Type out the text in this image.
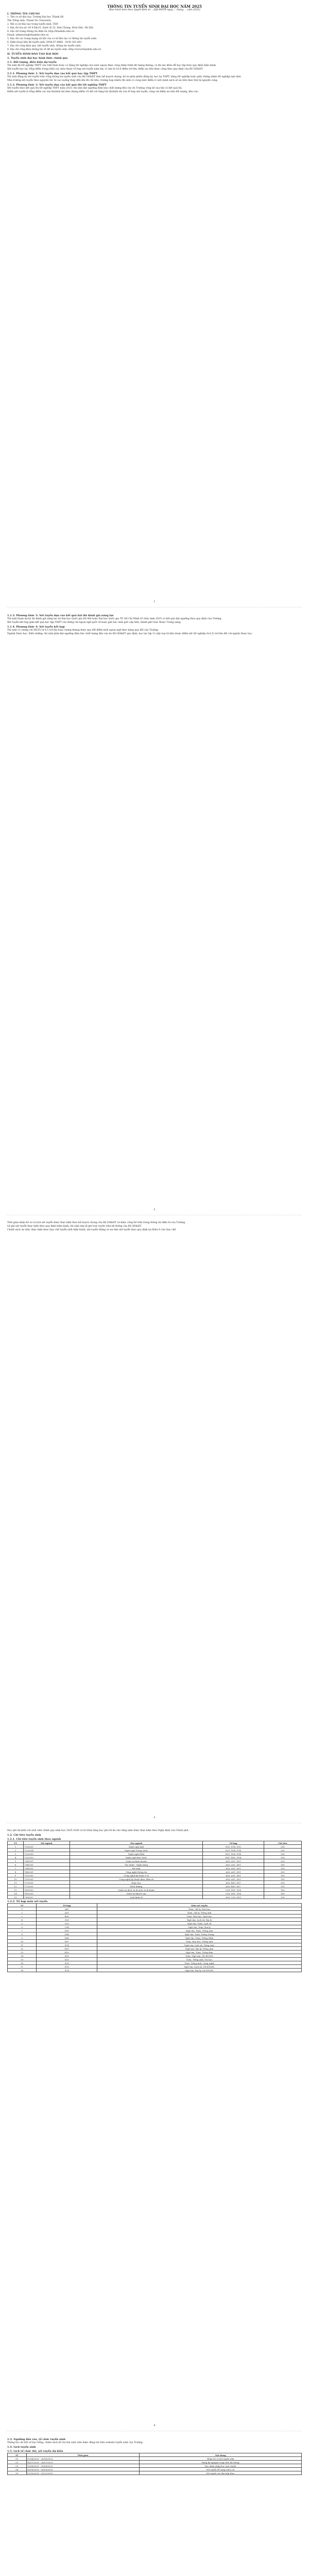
THÔNG TIN TUYỂN SINH ĐẠI HỌC NĂM 2025
(Ban hành kèm theo Quyết định số .../QĐ-ĐHTĐ ngày ... tháng ... năm 2025)
I. THÔNG TIN CHUNG

1. Tên cơ sở đào tạo: Trường Đại học Thành Đô

Tên Tiếng Anh: Thanh Do University

2. Mã cơ sở đào tạo trong tuyển sinh: TDD

3. Địa chỉ trụ sở: Số 8 Km15, Quốc lộ 32, Kim Chung, Hoài Đức, Hà Nội.

4. Địa chỉ trang thông tin điện tử: http://thanhdo.edu.vn

Email: admission@thanhdo.edu.vn

5. Địa chỉ các trang mạng xã hội của cơ sở đào tạo có thông tin tuyển sinh:

6. Điện thoại liên hệ tuyển sinh: 0936.67.8866 - 0243.361.661

7. Địa chỉ công khai quy chế tuyển sinh, thông tin tuyển sinh:

8. Địa chỉ công khai thông tin về đề án tuyển sinh: http://www.thanhdo.edu.vn

II. TUYỂN SINH ĐÀO TẠO ĐẠI HỌC
1. Tuyển sinh đại học hình thức chính quy
1.1. Đối tượng, điều kiện dự tuyển

Thí sinh đã tốt nghiệp THPT của Việt Nam hoặc có bằng tốt nghiệp của nước ngoài được công nhận trình độ tương đương; có đủ sức khỏe để học tập theo quy định hiện hành.

Xét tuyển học bạ: tổng điểm trung bình các môn thuộc tổ hợp xét tuyển năm lớp 12 đạt từ 18,0 điểm trở lên; điểm ưu tiên được cộng theo quy định của Bộ GD&ĐT.

1.1.1. Phương thức 1: Xét tuyển dựa vào kết quả học tập THPT

Thí sinh đăng ký xét tuyển trên cổng thông tin tuyển sinh của Bộ GD&ĐT theo kế hoạch chung; hồ sơ gồm phiếu đăng ký, học bạ THPT, bằng tốt nghiệp hoặc giấy chứng nhận tốt nghiệp tạm thời.

Nhà trường xét tuyển theo nguyên tắc từ cao xuống thấp đến khi đủ chỉ tiêu; trường hợp nhiều thí sinh có cùng mức điểm ở cuối danh sách sẽ ưu tiên theo thứ tự nguyện vọng.

1.1.2. Phương thức 2: Xét tuyển dựa vào kết quả thi tốt nghiệp THPT

Xét tuyển theo kết quả thi tốt nghiệp THPT năm 2025: thí sinh đạt ngưỡng đảm bảo chất lượng đầu vào do Trường công bố sau khi có kết quả thi.

Điểm xét tuyển là tổng điểm các bài thi/môn thi theo thang điểm 10 đối với từng bài thi/môn thi của tổ hợp xét tuyển, cộng với điểm ưu tiên đối tượng, khu vực.

1
1.1.3. Phương thức 3: Xét tuyển dựa vào kết quả bài thi đánh giá năng lực

Thí sinh tham dự kỳ thi đánh giá năng lực do Đại học Quốc gia Hà Nội hoặc Đại học Quốc gia TP. Hồ Chí Minh tổ chức năm 2025 có kết quả đạt ngưỡng theo quy định của Trường.

Xét tuyển kết hợp giữa kết quả học tập THPT với chứng chỉ ngoại ngữ quốc tế hoặc giải học sinh giỏi cấp tỉnh, thành phố trực thuộc Trung ương.

1.1.4. Phương thức 4: Xét tuyển kết hợp

Thí sinh có chứng chỉ IELTS từ 4.5 trở lên hoặc tương đương được quy đổi điểm môn ngoại ngữ theo bảng quy đổi của Trường.

Ngành Dược học, Điều dưỡng: thí sinh phải đạt ngưỡng đảm bảo chất lượng đầu vào do Bộ GD&ĐT quy định; học lực lớp 12 xếp loại từ khá (hoặc điểm xét tốt nghiệp từ 6,5) trở lên đối với ngành Dược học.

2

Thời gian nhận hồ sơ và lịch xét tuyển được thực hiện theo kế hoạch chung của Bộ GD&ĐT và được công bố trên trang thông tin điện tử của Trường.

Lệ phí xét tuyển thực hiện theo quy định hiện hành; thí sinh nộp lệ phí trực tuyến trên hệ thống của Bộ GD&ĐT.

Chính sách ưu tiên: thực hiện theo Quy chế tuyển sinh hiện hành; xét tuyển thẳng và ưu tiên xét tuyển theo quy định tại Điều 8 của Quy chế.

3

Học phí dự kiến với sinh viên chính quy năm học 2025-2026 và lộ trình tăng học phí tối đa cho từng năm được thực hiện theo Nghị định của Chính phủ.

1.2. Chỉ tiêu tuyển sinh
1.2.1. Chỉ tiêu tuyển sinh theo ngành
TT	Mã ngành	Tên ngành	Tổ hợp	Chỉ tiêu
1	7220201	Ngôn ngữ Anh	D01, D14, D15	200
2	7220204	Ngôn ngữ Trung Quốc	D01, D04, D14	200
3	7220209	Ngôn ngữ Nhật	D01, D06, D14	100
4	7220210	Ngôn ngữ Hàn Quốc	D01, DD2, D14	150
5	7340101	Quản trị kinh doanh	A00, A01, D01	200
6	7340201	Tài chính - Ngân hàng	A00, A01, D01	100
7	7340301	Kế toán	A00, A01, D01	150
8	7480201	Công nghệ thông tin	A00, A01, D01	250
9	7510205	Công nghệ kỹ thuật ô tô	A00, A01, D01	150
10	7510301	Công nghệ kỹ thuật điện, điện tử	A00, A01, D01	100
11	7720201	Dược học	A00, B00, D07	250
12	7720301	Điều dưỡng	A00, B00, D07	150
13	7810103	Quản trị dịch vụ du lịch và lữ hành	C00, D01, D14	150
14	7810201	Quản trị khách sạn	C00, D01, D14	150
15	7380107	Luật kinh tế	A00, C00, D01	100
1.2.2. Tổ hợp môn xét tuyển
TT	Tổ hợp	Môn xét tuyển
1	A00	Toán, Vật lý, Hóa học
2	A01	Toán, Vật lý, Tiếng Anh
3	B00	Toán, Hóa học, Sinh học
4	C00	Ngữ văn, Lịch sử, Địa lý
5	C03	Ngữ văn, Toán, Lịch sử
6	C04	Ngữ văn, Toán, Địa lý
7	D01	Ngữ văn, Toán, Tiếng Anh
8	D04	Ngữ văn, Toán, Tiếng Trung
9	D06	Ngữ văn, Toán, Tiếng Nhật
10	D07	Toán, Hóa học, Tiếng Anh
11	D14	Ngữ văn, Lịch sử, Tiếng Anh
12	D15	Ngữ văn, Địa lý, Tiếng Anh
13	DD2	Ngữ văn, Toán, Tiếng Hàn
14	X01	Toán, Ngữ văn, GD KT&PL
15	X25	Toán, Tiếng Anh, Tin học
16	X26	Toán, Tiếng Anh, Công nghệ
17	X70	Ngữ văn, Lịch sử, GD KT&PL
18	X74	Ngữ văn, Địa lý, GD KT&PL
4
1.3. Ngưỡng đầu vào, tổ chức tuyển sinh

Thông tin chi tiết về học bổng, chính sách hỗ trợ tân sinh viên được đăng tải trên website tuyển sinh của Trường.

1.4. Lịch tuyển sinh
1.5. Lịch tổ chức thi, xét tuyển dự kiến
TT	Thời gian	Nội dung
01	07/04/2025 - 20/06/2025	Nhận hồ sơ xét tuyển sớm
02	16/07/2025 - 28/07/2025	Đăng ký nguyện vọng trên hệ thống
03	22/08/2025 - 30/08/2025	Xác nhận nhập học trực tuyến
04	01/09/2025 - 30/09/2025	Xét tuyển bổ sung (nếu có)
05	15/10/2025 - 20/12/2025	Xét tuyển các đợt tiếp theo
